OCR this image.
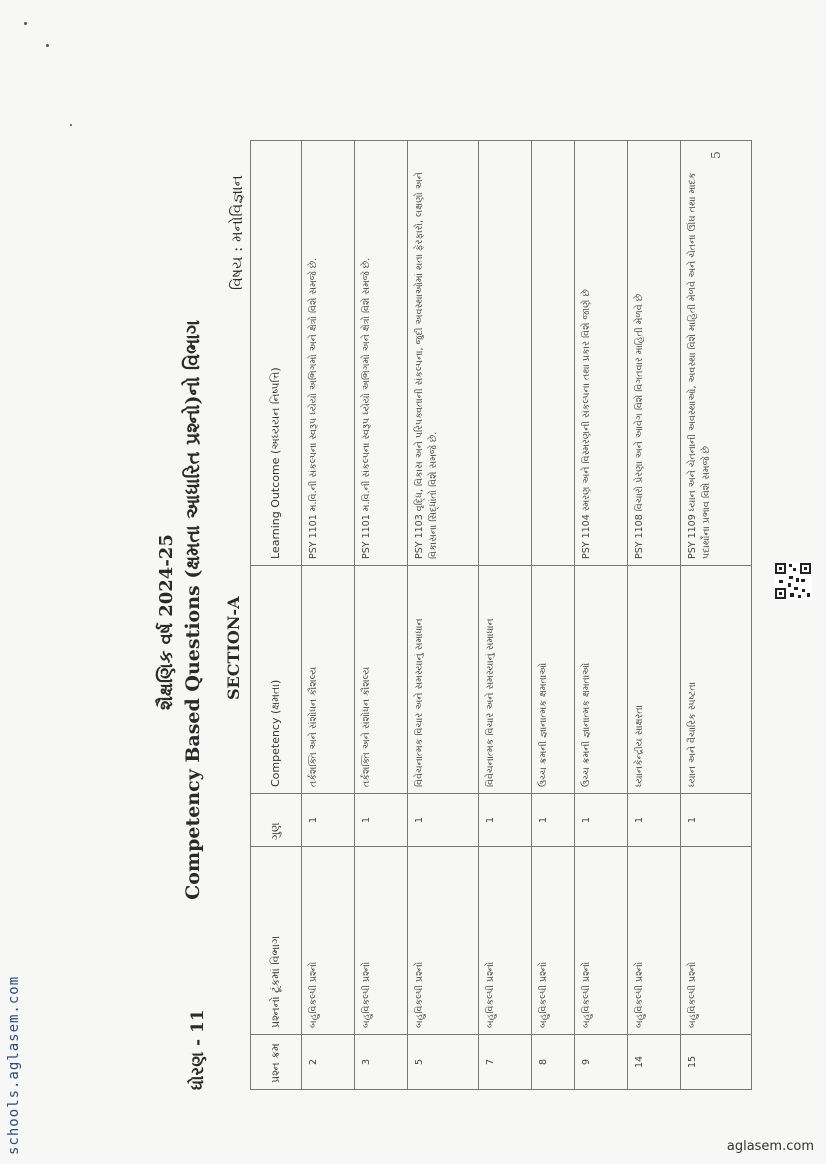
5
શૈક્ષણિક વર્ષ 2024-25 Competency Based Questions (ક્ષમતા આધારિત પ્રશ્નો)નો વિભાગ
ધોરણ - 11
SECTION-A
વિષય : મનોવિજ્ઞાન
પ્રશ્ન ક્રમ	પ્રશ્નનો ટૂંકમાં વિભાગ	ગુણ	Competency (ક્ષમતા)	Learning Outcome (અધ્યયન નિષ્પત્તિ)
2	બહુવિકલ્પી પ્રશ્નો	1	તર્કશક્તિ અને સંશોધન કૌશલ્ય	PSY 1101 મ.વિ.ની સંકલ્પના સ્વરૂપ ધ્યેયો અભિગમો અને ક્ષેત્રો વિશે સમજે છે.
3	બહુવિકલ્પી પ્રશ્નો	1	તર્કશક્તિ અને સંશોધન કૌશલ્ય	PSY 1101 મ.વિ.ની સંકલ્પના સ્વરૂપ ધ્યેયો અભિગમો અને ક્ષેત્રો વિશે સમજે છે.
5	બહુવિકલ્પી પ્રશ્નો	1	વિવેચનાત્મક વિચાર અને સમસ્યાનું સમાધાન	PSY 1103 વૃદ્ધિ, વિકાસ અને પરિપક્વતાની સંકલ્પના, જુદી અવસ્થાઓમાં થતા ફેરફારો, લક્ષણો અને વિકાસના સિદ્ધાંતો વિશે સમજે છે.
7	બહુવિકલ્પી પ્રશ્નો	1	વિવેચનાત્મક વિચાર અને સમસ્યાનું સમાધાન	
8	બહુવિકલ્પી પ્રશ્નો	1	ઉચ્ચ ક્રમની જ્ઞાનાત્મક ક્ષમતાઓ	
9	બહુવિકલ્પી પ્રશ્નો	1	ઉચ્ચ ક્રમની જ્ઞાનાત્મક ક્ષમતાઓ	PSY 1104 સ્મરણ અને વિસ્મરણની સંકલ્પના તથા પ્રકાર વિશે જાણે છે
14	બહુવિકલ્પી પ્રશ્નો	1	ધ્યાનકેન્દ્રીય સાક્ષરતા	PSY 1108 વિચારો પ્રેરણા અને આવેગ વિશે વિગતવાર માહિતી મેળવે છે
15	બહુવિકલ્પી પ્રશ્નો	1	ધ્યાન અને વૈચારિક સ્પષ્ટતા	PSY 1109 ધ્યાન અને ચેતનાની અવસ્થાઓ, અવસ્થા વિશે માહિતી મેળવે અને ચેતના ઊંઘ તથા માદક પદાર્થોના પ્રભાવ વિશે સમજે છે
schools.aglasem.com	aglasem.com
